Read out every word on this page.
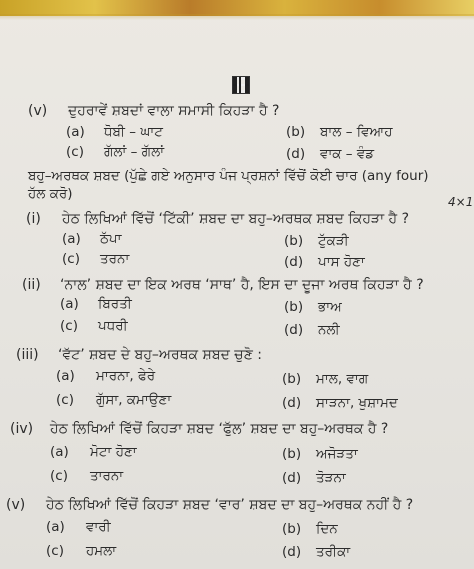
(v) ਦੁਹਰਾਵੇਂ ਸ਼ਬਦਾਂ ਵਾਲਾ ਸਮਾਸੀ ਕਿਹੜਾ ਹੈ ?
(a) ਧੋਬੀ – ਘਾਟ	(b) ਬਾਲ – ਵਿਆਹ
(c) ਗੱਲਾਂ – ਗੱਲਾਂ	(d) ਵਾਕ – ਵੰਡ
ਬਹੁ–ਅਰਥਕ ਸ਼ਬਦ (ਪੁੱਛੇ ਗਏ ਅਨੁਸਾਰ ਪੰਜ ਪ੍ਰਸ਼ਨਾਂ ਵਿੱਚੋਂ ਕੋਈ ਚਾਰ (any four)
ਹੱਲ ਕਰੋ)	4×1
(i) ਹੇਠ ਲਿਖਿਆਂ ਵਿੱਚੋਂ ‘ਟਿੱਕੀ’ ਸ਼ਬਦ ਦਾ ਬਹੁ–ਅਰਥਕ ਸ਼ਬਦ ਕਿਹੜਾ ਹੈ ?
(a) ਠੱਪਾ	(b) ਟੁੱਕੜੀ
(c) ਤਰਨਾ	(d) ਪਾਸ ਹੋਣਾ
(ii) ‘ਨਾਲ’ ਸ਼ਬਦ ਦਾ ਇਕ ਅਰਥ ‘ਸਾਥ’ ਹੈ, ਇਸ ਦਾ ਦੂਜਾ ਅਰਥ ਕਿਹੜਾ ਹੈ ?
(a) ਬਿਰਤੀ	(b) ਭਾਅ
(c) ਪਧਰੀ	(d) ਨਲੀ
(iii) ‘ਵੱਟ’ ਸ਼ਬਦ ਦੇ ਬਹੁ–ਅਰਥਕ ਸ਼ਬਦ ਚੁਣੋ :
(a) ਮਾਰਨਾ, ਫੇਰੇ	(b) ਮਾਲ, ਵਾਗ
(c) ਗੁੱਸਾ, ਕਮਾਉਣਾ	(d) ਸਾੜਨਾ, ਖੁਸ਼ਾਮਦ
(iv) ਹੇਠ ਲਿਖਿਆਂ ਵਿੱਚੋਂ ਕਿਹੜਾ ਸ਼ਬਦ ‘ਫੁੱਲ’ ਸ਼ਬਦ ਦਾ ਬਹੁ–ਅਰਥਕ ਹੈ ?
(a) ਮੋਟਾ ਹੋਣਾ	(b) ਅਜੋੜਤਾ
(c) ਤਾਰਨਾ	(d) ਤੋੜਨਾ
(v) ਹੇਠ ਲਿਖਿਆਂ ਵਿੱਚੋਂ ਕਿਹੜਾ ਸ਼ਬਦ ‘ਵਾਰ’ ਸ਼ਬਦ ਦਾ ਬਹੁ–ਅਰਥਕ ਨਹੀਂ ਹੈ ?
(a) ਵਾਰੀ	(b) ਦਿਨ
(c) ਹਮਲਾ	(d) ਤਰੀਕਾ
